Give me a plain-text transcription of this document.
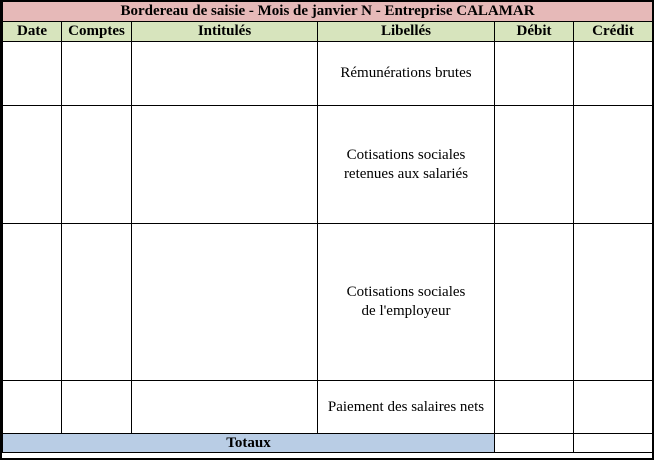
Bordereau de saisie - Mois de janvier N - Entreprise CALAMAR					
Date	Comptes	Intitulés	Libellés	Débit	Crédit

			Rémunérations brutes		

			Cotisations sociales
retenues aux salariés		

			Cotisations sociales
de l'employeur		

			Paiement des salaires nets		

Totaux					
